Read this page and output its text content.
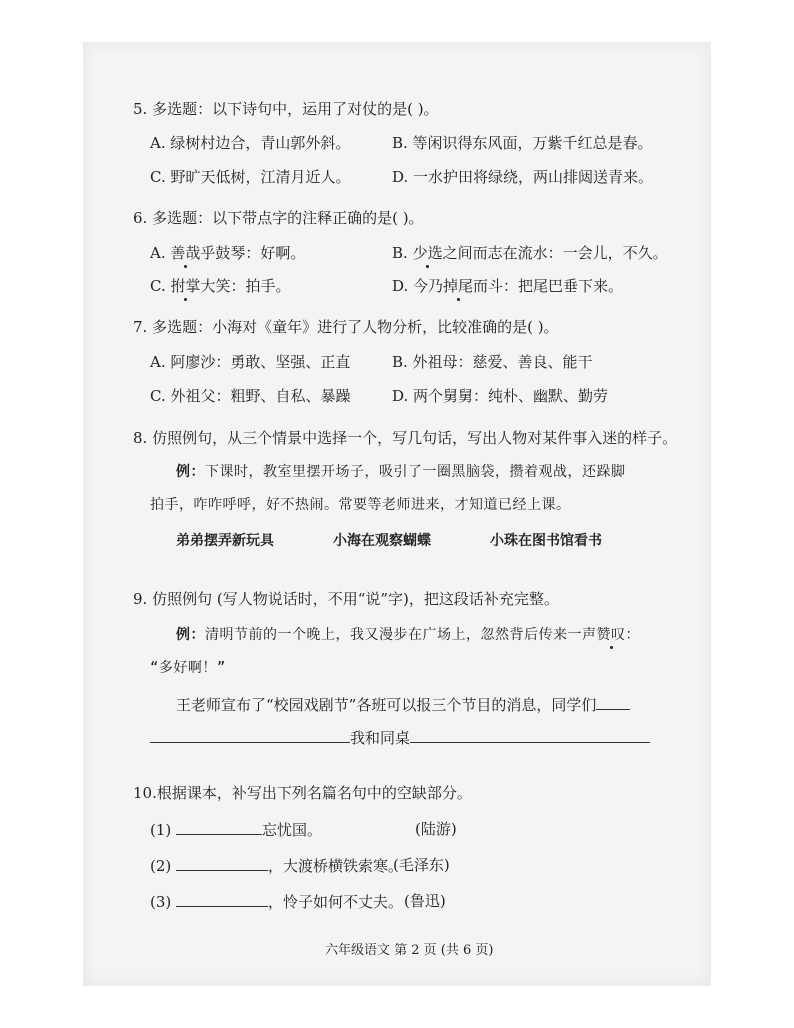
5. 多选题：以下诗句中，运用了对仗的是( )。
A. 绿树村边合，青山郭外斜。	B. 等闲识得东风面，万紫千红总是春。
C. 野旷天低树，江清月近人。	D. 一水护田将绿绕，两山排闼送青来。
6. 多选题：以下带点字的注释正确的是( )。
A. 善哉乎鼓琴：好啊。	B. 少选之间而志在流水：一会儿，不久。
C. 拊掌大笑：拍手。	D. 今乃掉尾而斗：把尾巴垂下来。
7. 多选题：小海对《童年》进行了人物分析，比较准确的是( )。
A. 阿廖沙：勇敢、坚强、正直	B. 外祖母：慈爱、善良、能干
C. 外祖父：粗野、自私、暴躁	D. 两个舅舅：纯朴、幽默、勤劳
8. 仿照例句，从三个情景中选择一个，写几句话，写出人物对某件事入迷的样子。
例：下课时，教室里摆开场子，吸引了一圈黑脑袋，攒着观战，还跺脚
拍手，咋咋呼呼，好不热闹。常要等老师进来，才知道已经上课。
弟弟摆弄新玩具	小海在观察蝴蝶	小珠在图书馆看书
9. 仿照例句 (写人物说话时，不用“说”字)，把这段话补充完整。
例：清明节前的一个晚上，我又漫步在广场上，忽然背后传来一声赞叹：
“多好啊！”
王老师宣布了“校园戏剧节”各班可以报三个节目的消息，同学们
我和同桌
10.根据课本，补写出下列名篇名句中的空缺部分。
(1)	忘忧国。	(陆游)
(2)	，大渡桥横铁索寒。
(毛泽东)
(3)	，怜子如何不丈夫。 (鲁迅)
六年级语文 第 2 页 (共 6 页)
